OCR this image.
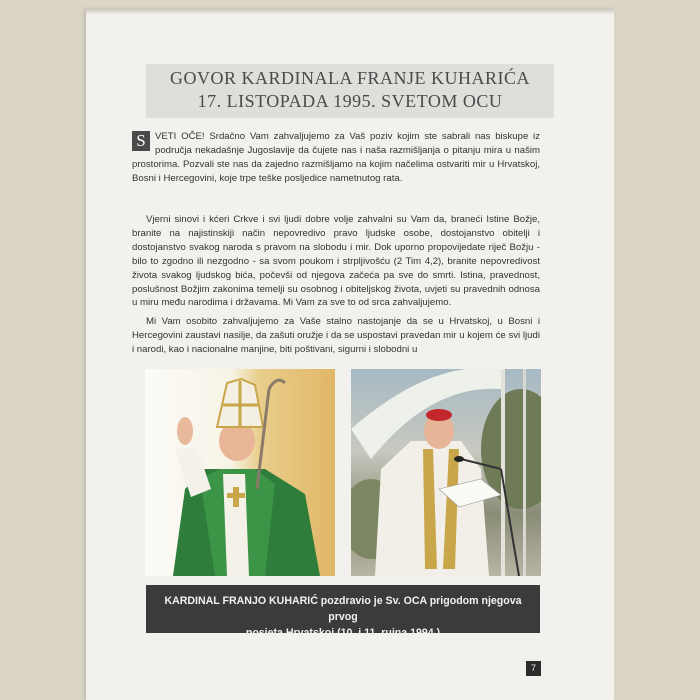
GOVOR KARDINALA FRANJE KUHARIĆA
17. LISTOPADA 1995. SVETOM OCU
S VETI OČE! Srdačno Vam zahvaljujemo za Vaš poziv kojim ste sabrali nas biskupe iz područja nekadašnje Jugoslavije da čujete nas i naša razmišljanja o pitanju mira u našim prostorima. Pozvali ste nas da zajedno razmišljamo na kojim načelima ostvariti mir u Hrvatskoj, Bosni i Hercegovini, koje trpe teške posljedice nametnutog rata.
Vjerni sinovi i kćeri Crkve i svi ljudi dobre volje zahvalni su Vam da, braneći Istine Božje, branite na najistinskiji način nepovredivo pravo ljudske osobe, dostojanstvo obitelji i dostojanstvo svakog naroda s pravom na slobodu i mir. Dok uporno propovijedate riječ Božju - bilo to zgodno ili nezgodno - sa svom poukom i strpljivošću (2 Tim 4,2), branite nepovredivost života svakog ljudskog bića, počevši od njegova začeća pa sve do smrti. Istina, pravednost, poslušnost Božjim zakonima temelji su osobnog i obiteljskog života, uvjeti su pravednih odnosa u miru među narodima i državama. Mi Vam za sve to od srca zahvaljujemo.
Mi Vam osobito zahvaljujemo za Vaše stalno nastojanje da se u Hrvatskoj, u Bosni i Hercegovini zaustavi nasilje, da zašuti oružje i da se uspostavi pravedan mir u kojem će svi ljudi i narodi, kao i nacionalne manjine, biti poštivani, sigurni i slobodni u
KARDINAL FRANJO KUHARIĆ pozdravio je Sv. OCA prigodom njegova prvog
posjeta Hrvatskoj (10. i 11. rujna 1994.)
7
